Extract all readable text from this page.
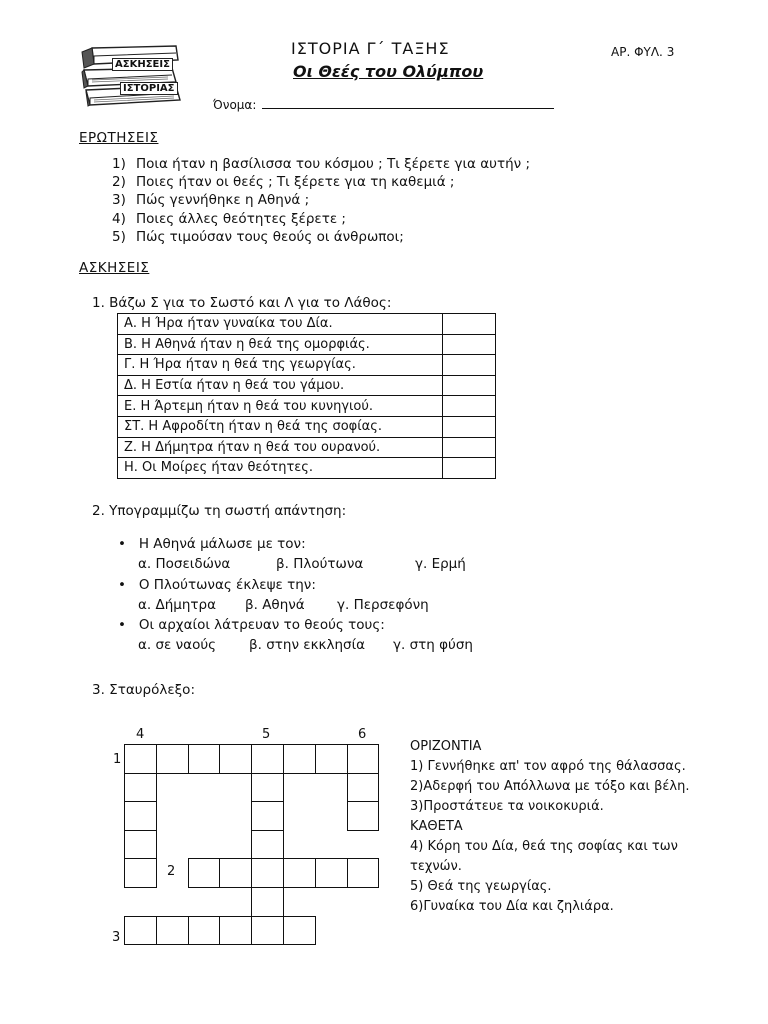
ΑΣΚΗΣΕΙΣ
ΙΣΤΟΡΙΑΣ
ΙΣΤΟΡΙΑ Γ΄ ΤΑΞΗΣ
Οι Θεές του Ολύμπου
ΑΡ. ΦΥΛ. 3
Όνομα:
ΕΡΩΤΗΣΕΙΣ
1) Ποια ήταν η βασίλισσα του κόσμου ; Τι ξέρετε για αυτήν ;
2) Ποιες ήταν οι θεές ; Τι ξέρετε για τη καθεμιά ;
3) Πώς γεννήθηκε η Αθηνά ;
4) Ποιες άλλες θεότητες ξέρετε ;
5) Πώς τιμούσαν τους θεούς οι άνθρωποι;
ΑΣΚΗΣΕΙΣ
1. Βάζω Σ για το Σωστό και Λ για το Λάθος:
Α. Η Ήρα ήταν γυναίκα του Δία.	
Β. Η Αθηνά ήταν η θεά της ομορφιάς.	
Γ. Η Ήρα ήταν η θεά της γεωργίας.	
Δ. Η Εστία ήταν η θεά του γάμου.	
Ε. Η Άρτεμη ήταν η θεά του κυνηγιού.	
ΣΤ. Η Αφροδίτη ήταν η θεά της σοφίας.	
Ζ. Η Δήμητρα ήταν η θεά του ουρανού.	
Η. Οι Μοίρες ήταν θεότητες.	
2. Υπογραμμίζω τη σωστή απάντηση:
•   Η Αθηνά μάλωσε με τον:
α. Ποσειδώνα	β. Πλούτωνα	γ. Ερμή
•   Ο Πλούτωνας έκλεψε την:
α. Δήμητρα β. Αθηνά γ. Περσεφόνη
•   Οι αρχαίοι λάτρευαν το θεούς τους:
α. σε ναούς β. στην εκκλησία γ. στη φύση
3. Σταυρόλεξο:
4	5	6
1
2
3
ΟΡΙΖΟΝΤΙΑ
1) Γεννήθηκε απ' τον αφρό της θάλασσας.
2)Αδερφή του Απόλλωνα με τόξο και βέλη.
3)Προστάτευε τα νοικοκυριά.
ΚΑΘΕΤΑ
4) Κόρη του Δία, θεά της σοφίας και των τεχνών.
5) Θεά της γεωργίας.
6)Γυναίκα του Δία και ζηλιάρα.
